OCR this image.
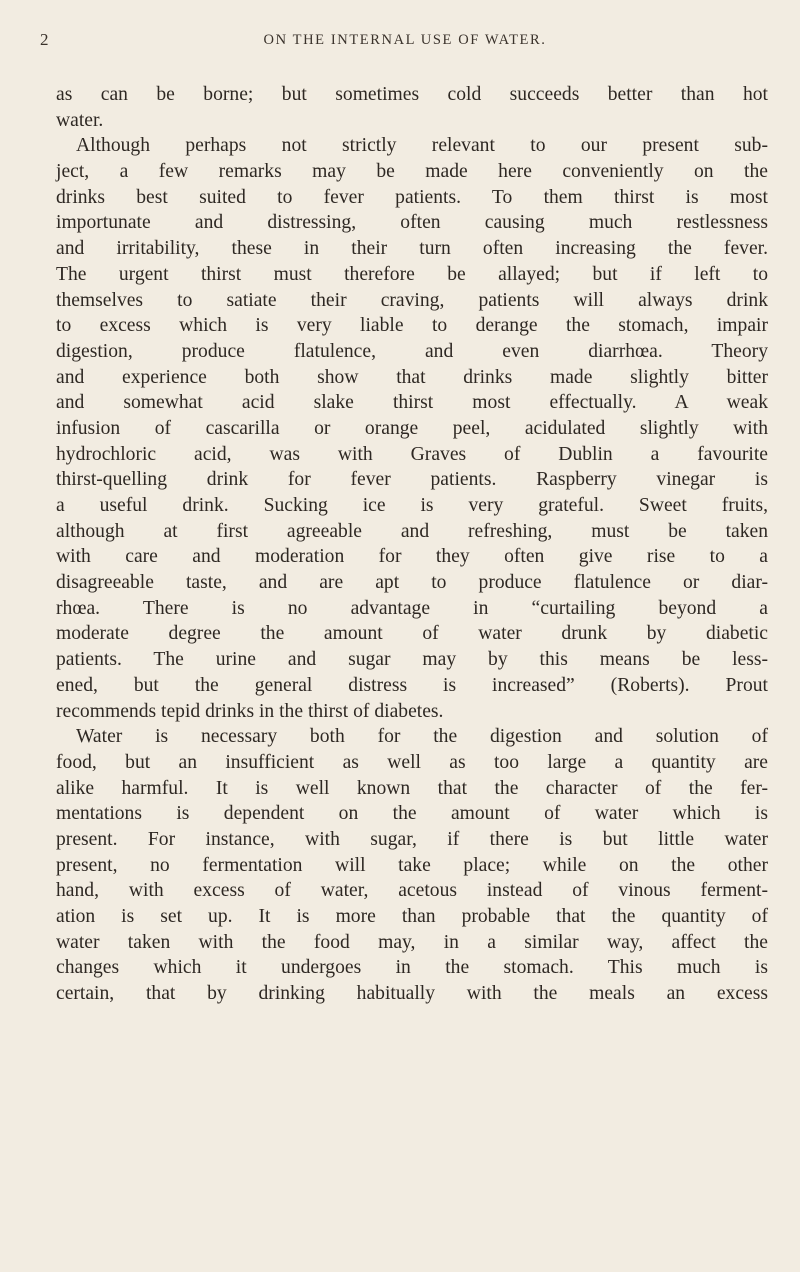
2	ON THE INTERNAL USE OF WATER.
as can be borne; but sometimes cold succeeds better than hot
water.
Although perhaps not strictly relevant to our present sub-
ject, a few remarks may be made here conveniently on the
drinks best suited to fever patients. To them thirst is most
importunate and distressing, often causing much restlessness
and irritability, these in their turn often increasing the fever.
The urgent thirst must therefore be allayed; but if left to
themselves to satiate their craving, patients will always drink
to excess which is very liable to derange the stomach, impair
digestion, produce flatulence, and even diarrhœa. Theory
and experience both show that drinks made slightly bitter
and somewhat acid slake thirst most effectually. A weak
infusion of cascarilla or orange peel, acidulated slightly with
hydrochloric acid, was with Graves of Dublin a favourite
thirst-quelling drink for fever patients. Raspberry vinegar is
a useful drink. Sucking ice is very grateful. Sweet fruits,
although at first agreeable and refreshing, must be taken
with care and moderation for they often give rise to a
disagreeable taste, and are apt to produce flatulence or diar-
rhœa. There is no advantage in “curtailing beyond a
moderate degree the amount of water drunk by diabetic
patients. The urine and sugar may by this means be less-
ened, but the general distress is increased” (Roberts). Prout
recommends tepid drinks in the thirst of diabetes.
Water is necessary both for the digestion and solution of
food, but an insufficient as well as too large a quantity are
alike harmful. It is well known that the character of the fer-
mentations is dependent on the amount of water which is
present. For instance, with sugar, if there is but little water
present, no fermentation will take place; while on the other
hand, with excess of water, acetous instead of vinous ferment-
ation is set up. It is more than probable that the quantity of
water taken with the food may, in a similar way, affect the
changes which it undergoes in the stomach. This much is
certain, that by drinking habitually with the meals an excess
